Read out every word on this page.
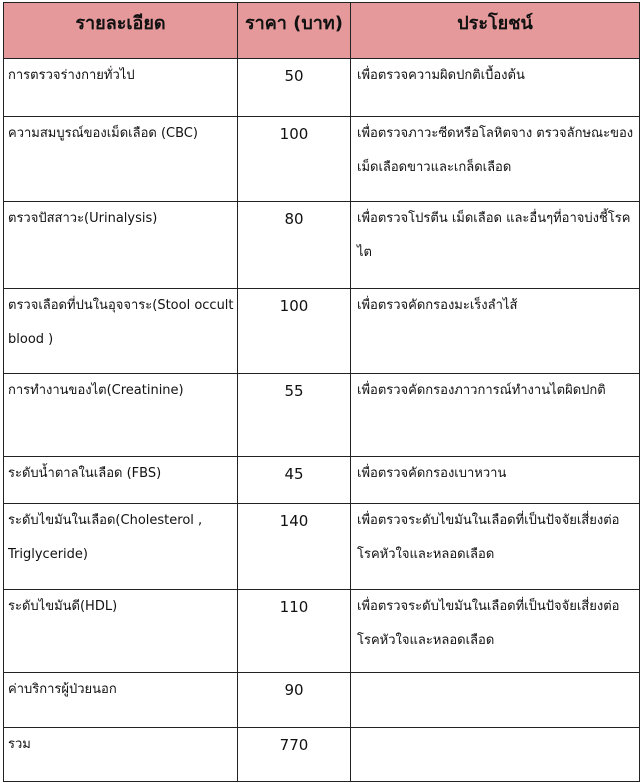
รายละเอียด	ราคา (บาท)	ประโยชน์
การตรวจร่างกายทั่วไป	50	เพื่อตรวจความผิดปกติเบื้องต้น
ความสมบูรณ์ของเม็ดเลือด (CBC)	100	เพื่อตรวจภาวะซีดหรือโลหิตจาง ตรวจลักษณะของเม็ดเลือดขาวและเกล็ดเลือด
ตรวจปัสสาวะ(Urinalysis)	80	เพื่อตรวจโปรตีน เม็ดเลือด และอื่นๆที่อาจบ่งชี้โรคไต
ตรวจเลือดที่ปนในอุจจาระ(Stool occult blood )	100	เพื่อตรวจคัดกรองมะเร็งลำไส้
การทำงานของไต(Creatinine)	55	เพื่อตรวจคัดกรองภาวการณ์ทำงานไตผิดปกติ
ระดับน้ำตาลในเลือด (FBS)	45	เพื่อตรวจคัดกรองเบาหวาน
ระดับไขมันในเลือด(Cholesterol , Triglyceride)	140	เพื่อตรวจระดับไขมันในเลือดที่เป็นปัจจัยเสี่ยงต่อโรคหัวใจและหลอดเลือด
ระดับไขมันดี(HDL)	110	เพื่อตรวจระดับไขมันในเลือดที่เป็นปัจจัยเสี่ยงต่อโรคหัวใจและหลอดเลือด
ค่าบริการผู้ป่วยนอก	90	
รวม	770	
